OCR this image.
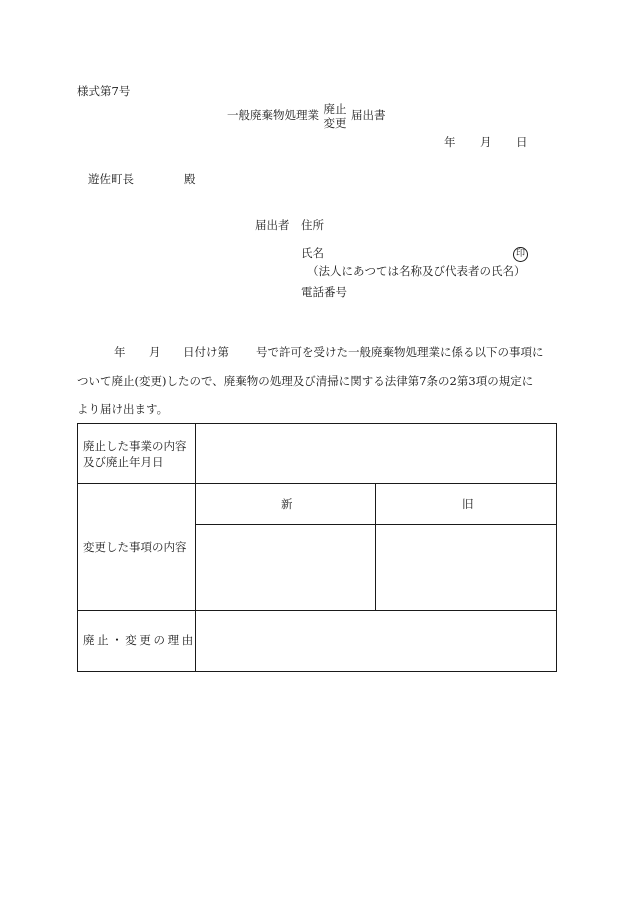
様式第7号
一般廃棄物処理業 廃止
変更
届出書
年 月 日
遊佐町長	殿
届出者 住所
氏名	印
（法人にあつては名称及び代表者の氏名）
電話番号
年 月 日付け第 号で許可を受けた一般廃棄物処理業に係る以下の事項に
ついて廃止(変更)したので、廃棄物の処理及び清掃に関する法律第7条の2第3項の規定に
より届け出ます。
廃止した事業の内容
及び廃止年月日
変更した事項の内容
新	旧
廃止・変更の理由
